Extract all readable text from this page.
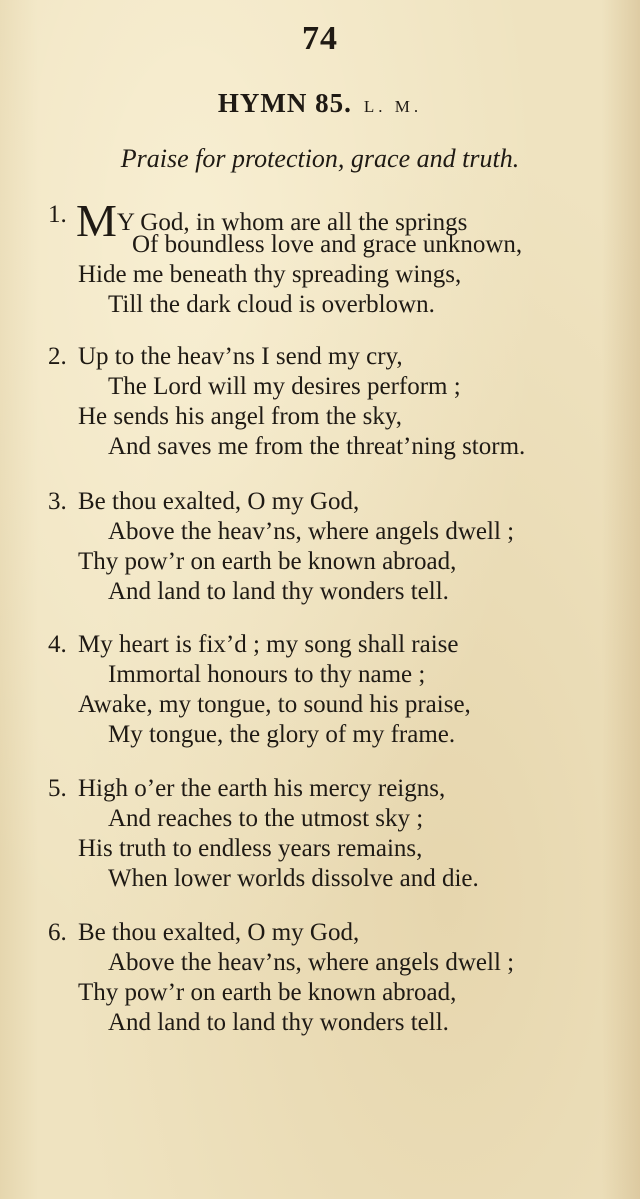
74
HYMN 85. L. M.
Praise for protection, grace and truth.
1. MY God, in whom are all the springs
Of boundless love and grace unknown,
Hide me beneath thy spreading wings,
Till the dark cloud is overblown.
2. Up to the heav’ns I send my cry,
The Lord will my desires perform ;
He sends his angel from the sky,
And saves me from the threat’ning storm.
3. Be thou exalted, O my God,
Above the heav’ns, where angels dwell ;
Thy pow’r on earth be known abroad,
And land to land thy wonders tell.
4. My heart is fix’d ; my song shall raise
Immortal honours to thy name ;
Awake, my tongue, to sound his praise,
My tongue, the glory of my frame.
5. High o’er the earth his mercy reigns,
And reaches to the utmost sky ;
His truth to endless years remains,
When lower worlds dissolve and die.
6. Be thou exalted, O my God,
Above the heav’ns, where angels dwell ;
Thy pow’r on earth be known abroad,
And land to land thy wonders tell.
